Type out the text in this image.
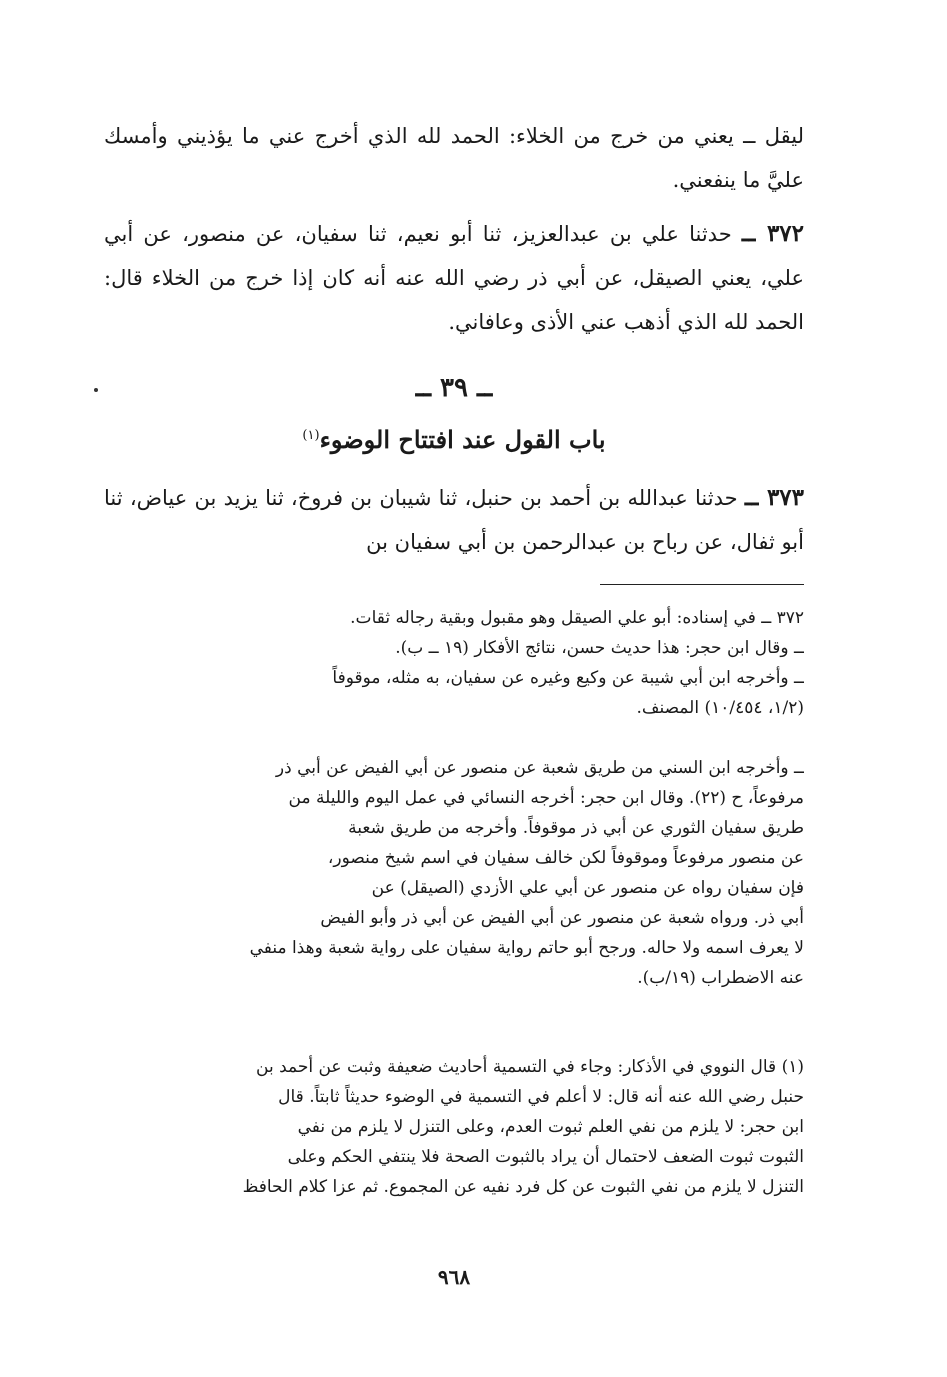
ليقل ــ يعني من خرج من الخلاء: الحمد لله الذي أخرج عني ما يؤذيني وأمسك عليَّ ما ينفعني.
٣٧٢ ــ حدثنا علي بن عبدالعزيز، ثنا أبو نعيم، ثنا سفيان، عن منصور، عن أبي علي، يعني الصيقل، عن أبي ذر رضي الله عنه أنه كان إذا خرج من الخلاء قال: الحمد لله الذي أذهب عني الأذى وعافاني.
ــ ٣٩ ــ
باب القول عند افتتاح الوضوء$^{(١)}$
٣٧٣ ــ حدثنا عبدالله بن أحمد بن حنبل، ثنا شيبان بن فروخ، ثنا يزيد بن عياض، ثنا أبو ثفال، عن رباح بن عبدالرحمن بن أبي سفيان بن
٣٧٢ ــ في إسناده: أبو علي الصيقل وهو مقبول وبقية رجاله ثقات.
ــ وقال ابن حجر: هذا حديث حسن، نتائج الأفكار (١٩ ــ ب).
ــ وأخرجه ابن أبي شيبة عن وكيع وغيره عن سفيان، به مثله، موقوفاً
(١/٢، ١٠/٤٥٤) المصنف.
ــ وأخرجه ابن السني من طريق شعبة عن منصور عن أبي الفيض عن أبي ذر
مرفوعاً، ح (٢٢). وقال ابن حجر: أخرجه النسائي في عمل اليوم والليلة من
طريق سفيان الثوري عن أبي ذر موقوفاً. وأخرجه من طريق شعبة
عن منصور مرفوعاً وموقوفاً لكن خالف سفيان في اسم شيخ منصور،
فإن سفيان رواه عن منصور عن أبي علي الأزدي (الصيقل) عن
أبي ذر. ورواه شعبة عن منصور عن أبي الفيض عن أبي ذر وأبو الفيض
لا يعرف اسمه ولا حاله. ورجح أبو حاتم رواية سفيان على رواية شعبة وهذا منفي
عنه الاضطراب (١٩/ب).
(١) قال النووي في الأذكار: وجاء في التسمية أحاديث ضعيفة وثبت عن أحمد بن
حنبل رضي الله عنه أنه قال: لا أعلم في التسمية في الوضوء حديثاً ثابتاً. قال
ابن حجر: لا يلزم من نفي العلم ثبوت العدم، وعلى التنزل لا يلزم من نفي
الثبوت ثبوت الضعف لاحتمال أن يراد بالثبوت الصحة فلا ينتفي الحكم وعلى
التنزل لا يلزم من نفي الثبوت عن كل فرد نفيه عن المجموع. ثم عزا كلام الحافظ
٩٦٨
